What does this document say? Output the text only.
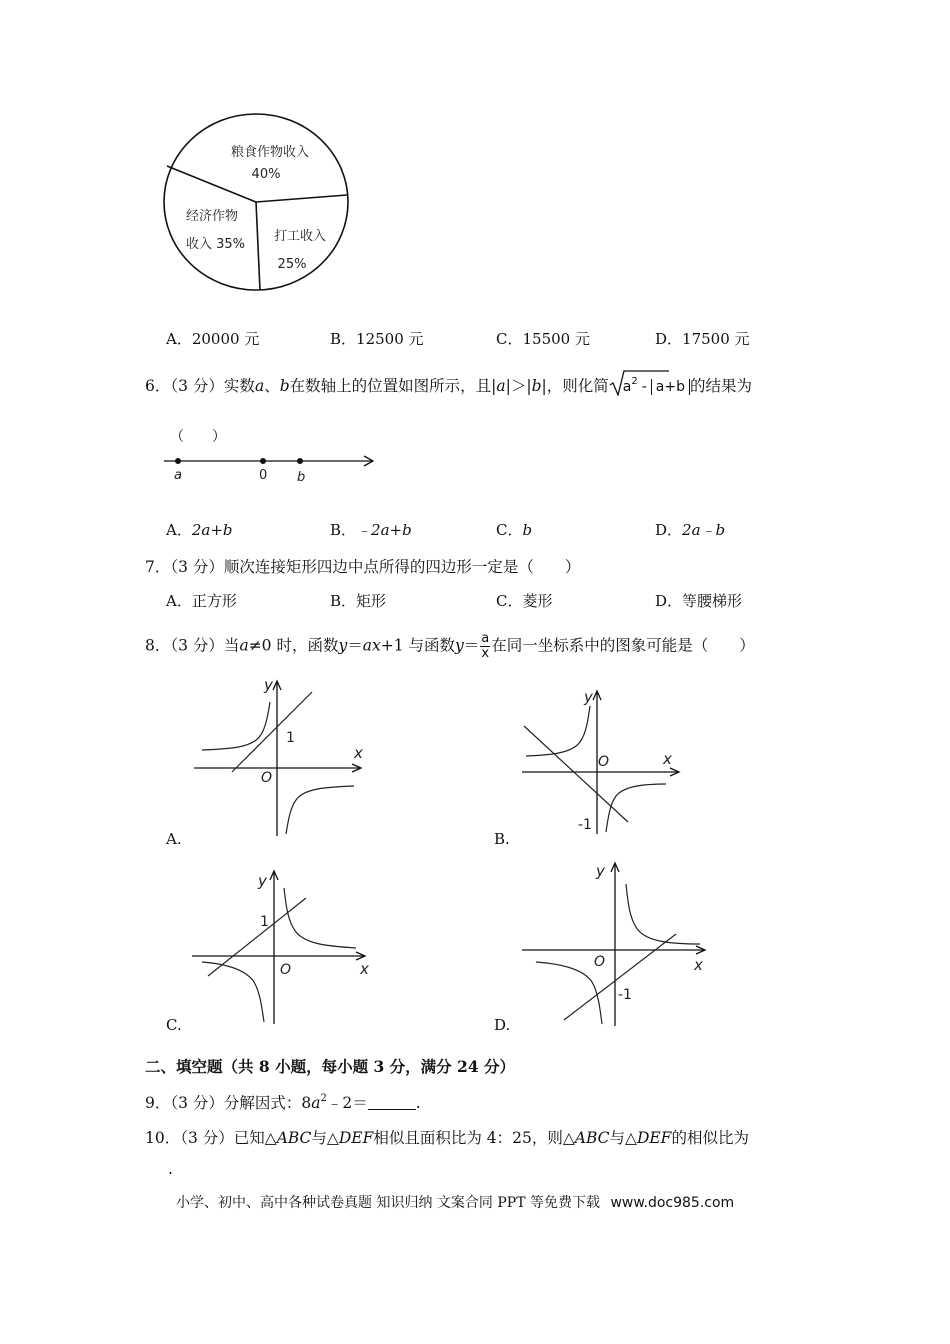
粮食作物收入
40%
经济作物
收入 35%
打工收入
25%
A．20000 元	B．12500 元	C．15500 元	D．17500 元
6．（3 分）实数a、b在数轴上的位置如图所示，且|a|＞|b|，则化简 $a^2 - a+b$ 的结果为
（　　）
a	0 b
A．2a+b	B．﹣2a+b	C．b	D．2a﹣b
7．（3 分）顺次连接矩形四边中点所得的四边形一定是（　　）
A．正方形	B．矩形	C．菱形	D．等腰梯形
8．（3 分）当a≠0 时，函数y＝ax+1 与函数$y= \frac{a}{x}$ 在同一坐标系中的图象可能是（　　）
y
x
O
1
A.
y
x
O
-1
B.
y
x
O
1
C.
y
x
O
-1
D.
二、填空题（共 8 小题，每小题 3 分，满分 24 分）
9．（3 分）分解因式：$8a^2﹣2=$	.
10．（3 分）已知△ABC与△DEF相似且面积比为 4：25，则△ABC与△DEF的相似比为
.
小学、初中、高中各种试卷真题 知识归纳 文案合同 PPT 等免费下载 www.doc985.com
